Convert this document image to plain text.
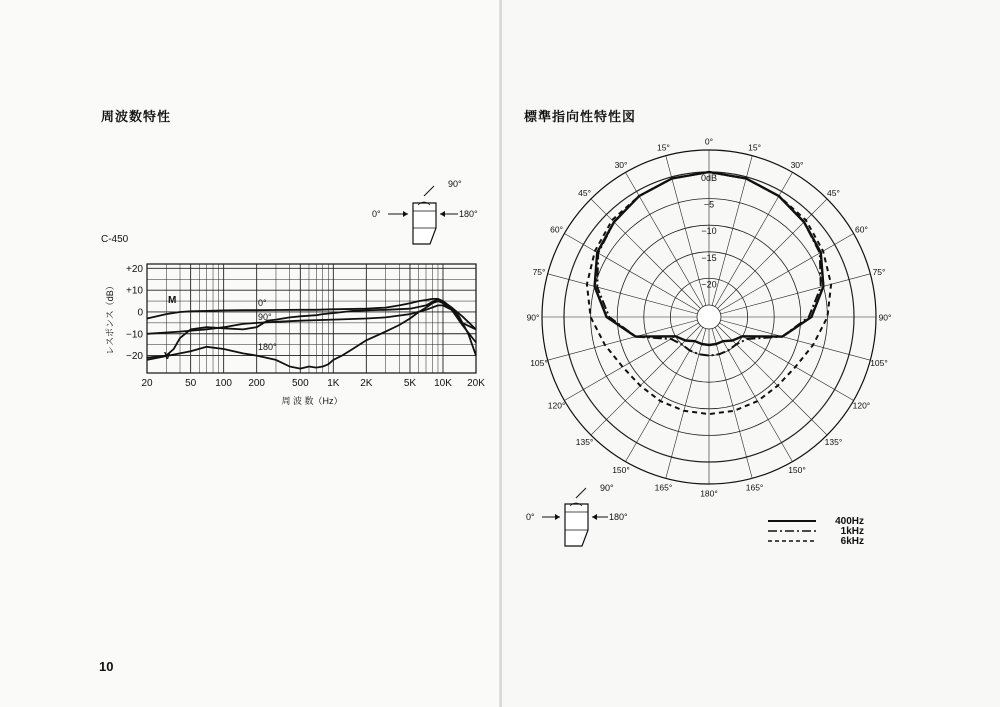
周波数特性	標準指向性特性図
10
C-450
90°
0°	180°
+20
+10
0
−10
−20
20	50 100 200	500 1K 2K	5K 10K 20K
M
V
0°
90°
180°
周 波 数（Hz）
レスポンス（dB）
0dB
−5
−10
−15
−20
0°
15°
15°
30°
30°
45°
45°
60°
60°
75°
75°
90°
90°
105°
105°
120°
120°
135°
135°
150°
150°
165°
165°
180°
90°
0°	180°	400Hz
1kHz
6kHz
